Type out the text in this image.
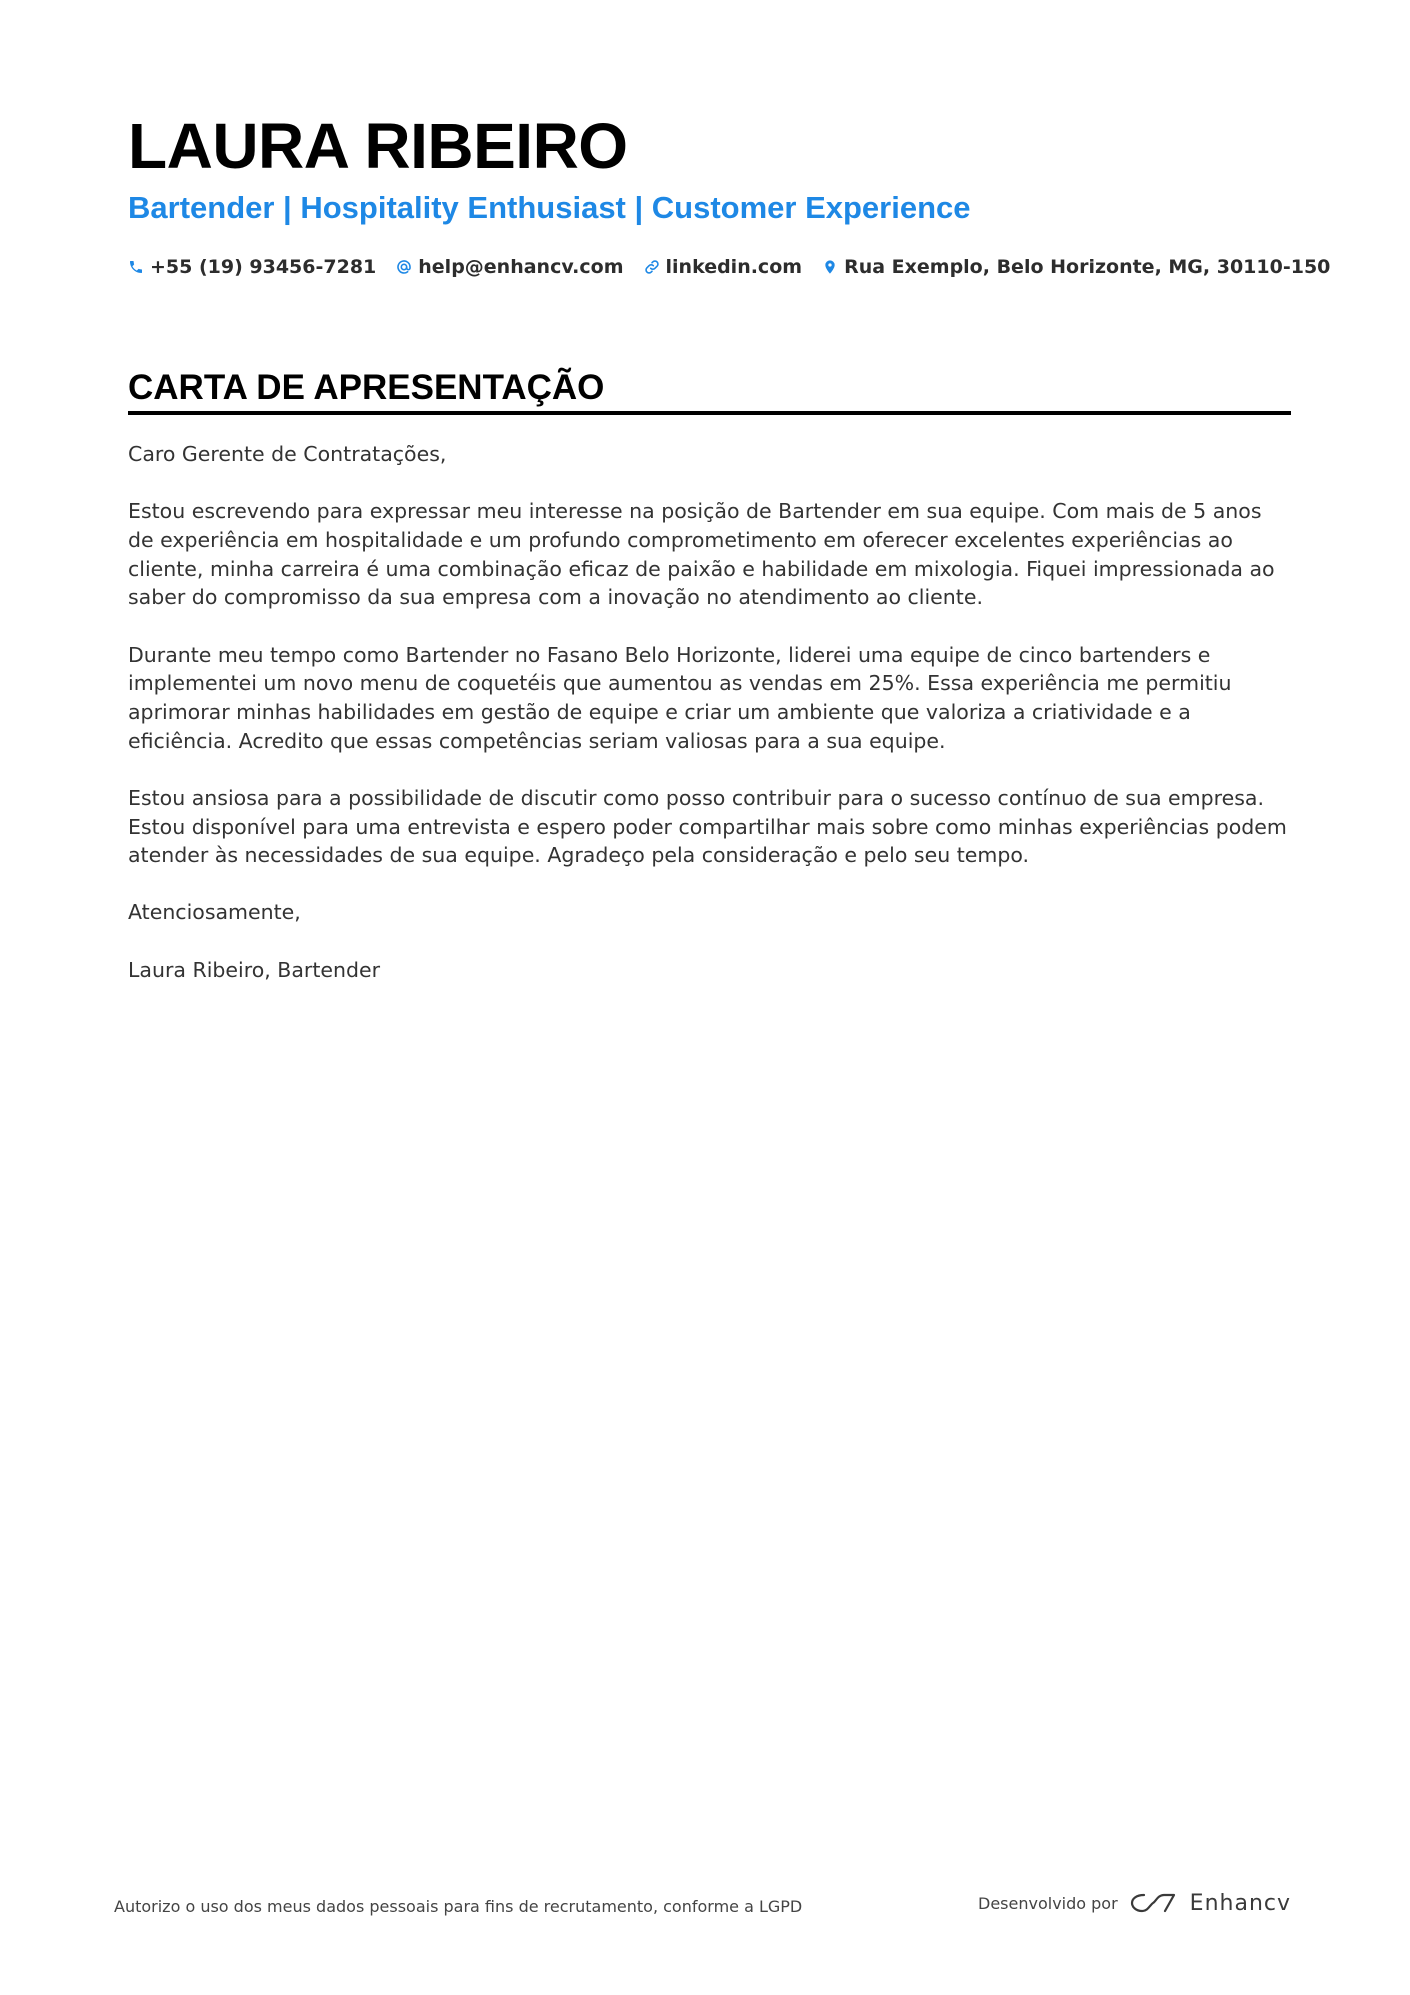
LAURA RIBEIRO
Bartender | Hospitality Enthusiast | Customer Experience
+55 (19) 93456-7281 help@enhancv.com linkedin.com Rua Exemplo, Belo Horizonte, MG, 30110-150
CARTA DE APRESENTAÇÃO

Caro Gerente de Contratações,

Estou escrevendo para expressar meu interesse na posição de Bartender em sua equipe. Com mais de 5 anos de experiência em hospitalidade e um profundo comprometimento em oferecer excelentes experiências ao cliente, minha carreira é uma combinação eficaz de paixão e habilidade em mixologia. Fiquei impressionada ao saber do compromisso da sua empresa com a inovação no atendimento ao cliente.

Durante meu tempo como Bartender no Fasano Belo Horizonte, liderei uma equipe de cinco bartenders e implementei um novo menu de coquetéis que aumentou as vendas em 25%. Essa experiência me permitiu aprimorar minhas habilidades em gestão de equipe e criar um ambiente que valoriza a criatividade e a eficiência. Acredito que essas competências seriam valiosas para a sua equipe.

Estou ansiosa para a possibilidade de discutir como posso contribuir para o sucesso contínuo de sua empresa. Estou disponível para uma entrevista e espero poder compartilhar mais sobre como minhas experiências podem atender às necessidades de sua equipe. Agradeço pela consideração e pelo seu tempo.

Atenciosamente,

Laura Ribeiro, Bartender

Autorizo o uso dos meus dados pessoais para fins de recrutamento, conforme a LGPD	Desenvolvido por	Enhancv
